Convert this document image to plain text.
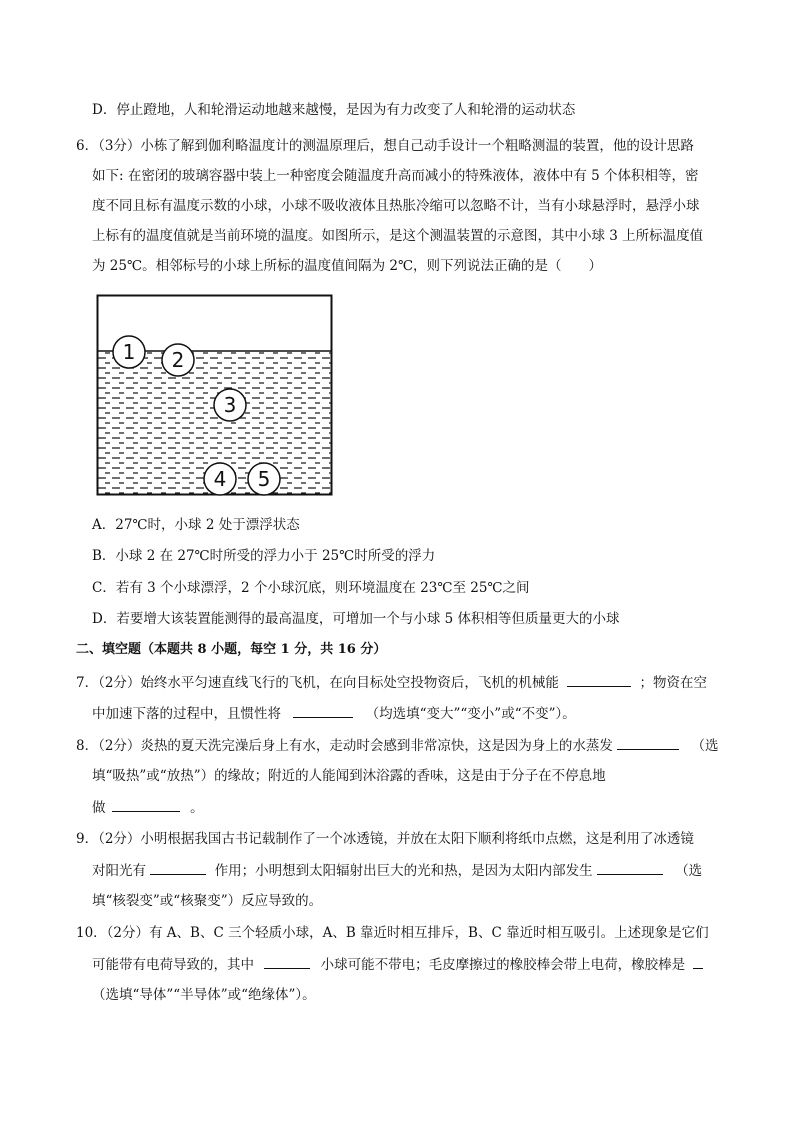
D．停止蹬地，人和轮滑运动地越来越慢，是因为有力改变了人和轮滑的运动状态
6．（3分）小栋了解到伽利略温度计的测温原理后，想自己动手设计一个粗略测温的装置，他的设计思路
如下: 在密闭的玻璃容器中装上一种密度会随温度升高而减小的特殊液体，液体中有 5 个体积相等，密
度不同且标有温度示数的小球，小球不吸收液体且热胀冷缩可以忽略不计，当有小球悬浮时，悬浮小球
上标有的温度值就是当前环境的温度。如图所示，是这个测温装置的示意图，其中小球 3 上所标温度值
为 25℃。相邻标号的小球上所标的温度值间隔为 2℃，则下列说法正确的是（　　）
1 2
3
4 5
A．27℃时，小球 2 处于漂浮状态
B．小球 2 在 27℃时所受的浮力小于 25℃时所受的浮力
C．若有 3 个小球漂浮，2 个小球沉底，则环境温度在 23℃至 25℃之间
D．若要增大该装置能测得的最高温度，可增加一个与小球 5 体积相等但质量更大的小球
二、填空题（本题共 8 小题，每空 1 分，共 16 分）
7．（2分）始终水平匀速直线飞行的飞机，在向目标处空投物资后，飞机的机械能	；物资在空
中加速下落的过程中，且惯性将	（均选填“变大”“变小”或“不变”）。
8．（2分）炎热的夏天洗完澡后身上有水，走动时会感到非常凉快，这是因为身上的水蒸发	（选
填“吸热”或“放热”）的缘故；附近的人能闻到沐浴露的香味，这是由于分子在不停息地
做	。
9．（2分）小明根据我国古书记载制作了一个冰透镜，并放在太阳下顺利将纸巾点燃，这是利用了冰透镜
对阳光有	作用；小明想到太阳辐射出巨大的光和热，是因为太阳内部发生	（选
填“核裂变”或“核聚变”）反应导致的。
10．（2分）有 A、B、C 三个轻质小球，A、B 靠近时相互排斥，B、C 靠近时相互吸引。上述现象是它们
可能带有电荷导致的，其中	小球可能不带电；毛皮摩擦过的橡胶棒会带上电荷，橡胶棒是
（选填“导体”“半导体”或“绝缘体”）。
